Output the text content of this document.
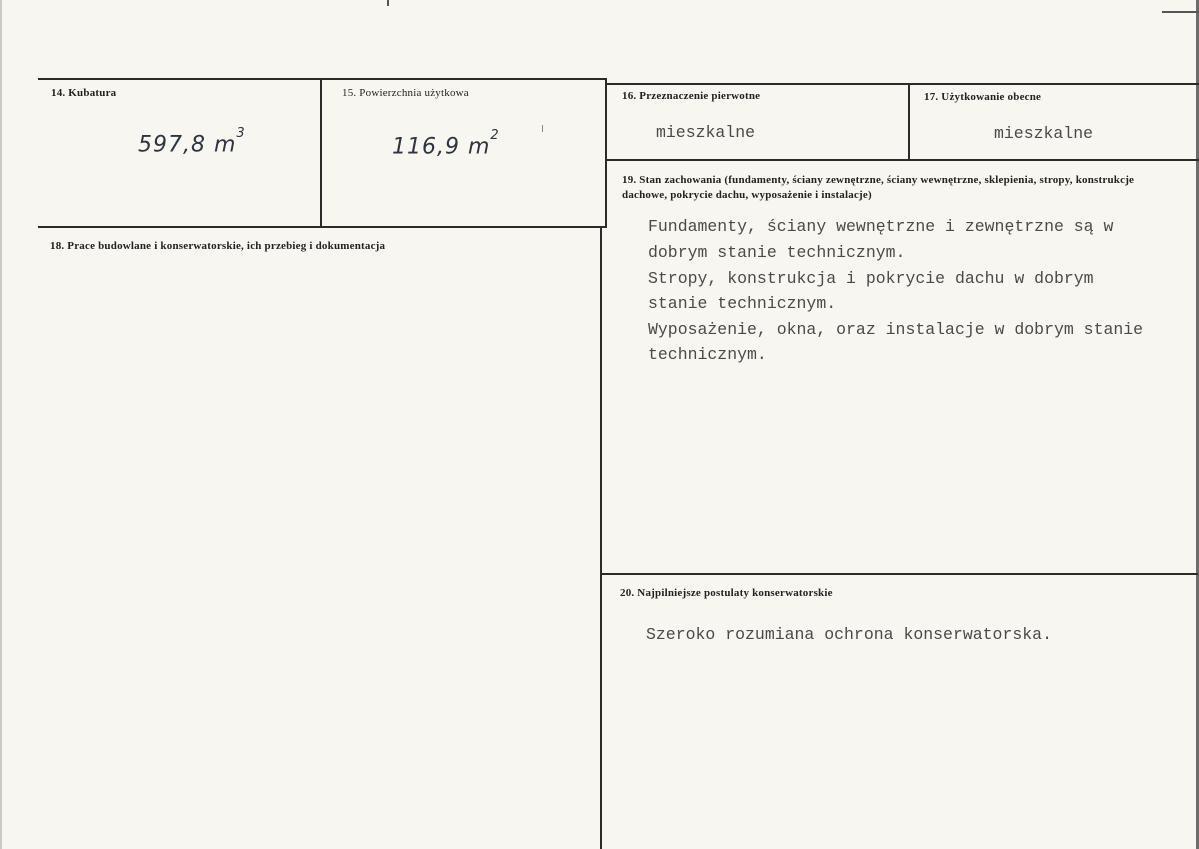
14. Kubatura
597,8 $m^3$
15. Powierzchnia użytkowa
116,9 $m^2$
16. Przeznaczenie pierwotne
mieszkalne
17. Użytkowanie obecne
mieszkalne
18. Prace budowlane i konserwatorskie, ich przebieg i dokumentacja
19. Stan zachowania (fundamenty, ściany zewnętrzne, ściany wewnętrzne, sklepienia, stropy, konstrukcje dachowe, pokrycie dachu, wyposażenie i instalacje)
Fundamenty, ściany wewnętrzne i zewnętrzne są w
dobrym stanie technicznym.
Stropy, konstrukcja i pokrycie dachu w dobrym
stanie technicznym.
Wyposażenie, okna, oraz instalacje w dobrym stanie
technicznym.
20. Najpilniejsze postulaty konserwatorskie
Szeroko rozumiana ochrona konserwatorska.
